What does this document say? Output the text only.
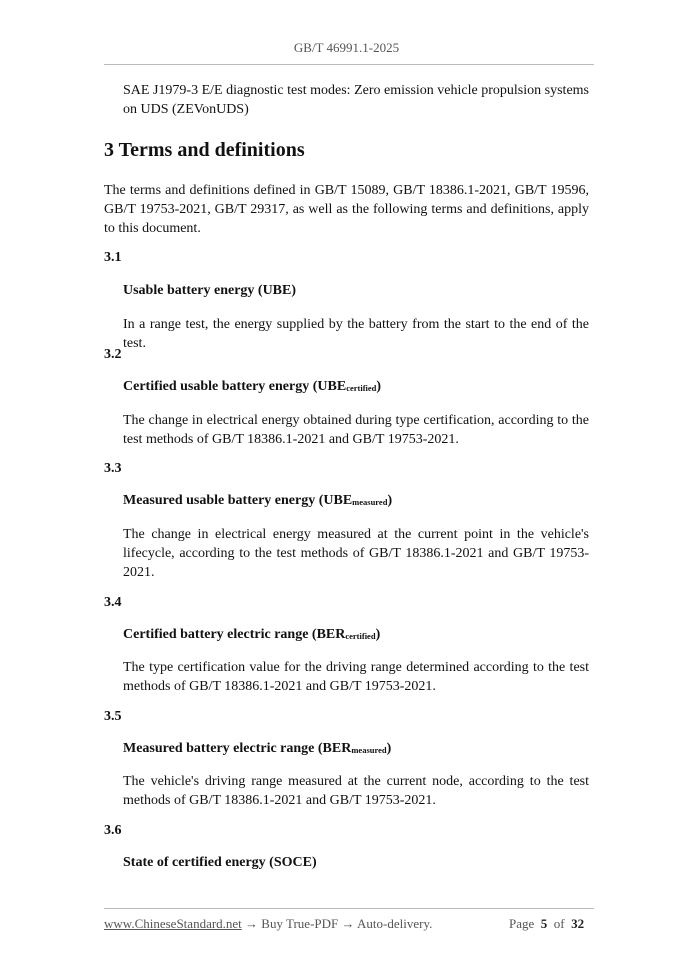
GB/T 46991.1-2025
SAE J1979-3 E/E diagnostic test modes: Zero emission vehicle propulsion systems on UDS (ZEVonUDS)
3 Terms and definitions
The terms and definitions defined in GB/T 15089, GB/T 18386.1-2021, GB/T 19596, GB/T 19753-2021, GB/T 29317, as well as the following terms and definitions, apply to this document.
3.1
Usable battery energy (UBE)
In a range test, the energy supplied by the battery from the start to the end of the test.
3.2
Certified usable battery energy (UBEcertified)
The change in electrical energy obtained during type certification, according to the test methods of GB/T 18386.1-2021 and GB/T 19753-2021.
3.3
Measured usable battery energy (UBEmeasured)
The change in electrical energy measured at the current point in the vehicle's lifecycle, according to the test methods of GB/T 18386.1-2021 and GB/T 19753-2021.
3.4
Certified battery electric range (BERcertified)
The type certification value for the driving range determined according to the test methods of GB/T 18386.1-2021 and GB/T 19753-2021.
3.5
Measured battery electric range (BERmeasured)
The vehicle's driving range measured at the current node, according to the test methods of GB/T 18386.1-2021 and GB/T 19753-2021.
3.6
State of certified energy (SOCE)
www.ChineseStandard.net → Buy True-PDF → Auto-delivery.	Page 5 of 32
